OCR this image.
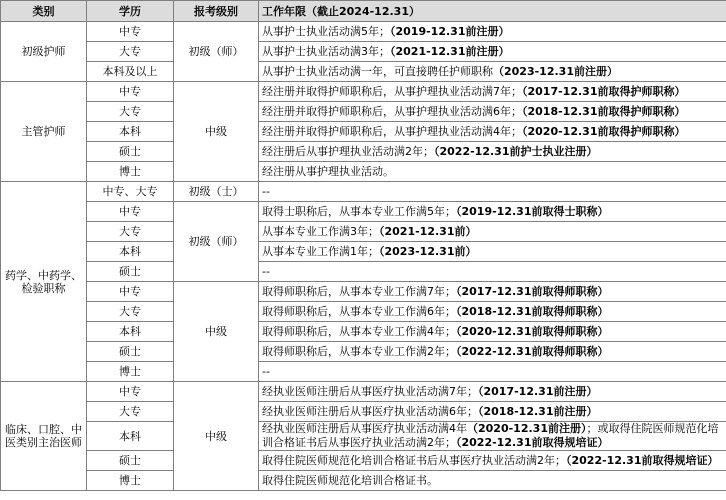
类别	学历	报考级别	工作年限（截止2024-12.31）
初级护师	中专	初级（师）	从事护士执业活动满5年；（2019-12.31前注册）
	大专		从事护士执业活动满3年；（2021-12.31前注册）
	本科及以上		从事护士执业活动满一年，可直接聘任护师职称（2023-12.31前注册）
主管护师	中专	中级	经注册并取得护师职称后，从事护理执业活动满7年；（2017-12.31前取得护师职称）
	大专		经注册并取得护师职称后，从事护理执业活动满6年；（2018-12.31前取得护师职称）
	本科		经注册并取得护师职称后，从事护理执业活动满4年；（2020-12.31前取得护师职称）
	硕士		经注册后从事护理执业活动满2年；（2022-12.31前护士执业注册）
	博士		经注册从事护理执业活动。
药学、中药学、检验职称	中专、大专	初级（士）	--
	中专	初级（师）	取得士职称后，从事本专业工作满5年；（2019-12.31前取得士职称）
	大专		从事本专业工作满3年；（2021-12.31前）
	本科		从事本专业工作满1年；（2023-12.31前）
	硕士		--
	中专	中级	取得师职称后，从事本专业工作满7年；（2017-12.31前取得师职称）
	大专		取得师职称后，从事本专业工作满6年；（2018-12.31前取得师职称）
	本科		取得师职称后，从事本专业工作满4年；（2020-12.31前取得师职称）
	硕士		取得师职称后，从事本专业工作满2年；（2022-12.31前取得师职称）
	博士		--
临床、口腔、中医类别主治医师	中专	中级	经执业医师注册后从事医疗执业活动满7年；（2017-12.31前注册）
	大专		经执业医师注册后从事医疗执业活动满6年；（2018-12.31前注册）
	本科		经执业医师注册后从事医疗执业活动满4年（2020-12.31前注册）；或取得住院医师规范化培训合格证书后从事医疗执业活动满2年；（2022-12.31前取得规培证）
	硕士		取得住院医师规范化培训合格证书后从事医疗执业活动满2年；（2022-12.31前取得规培证）
	博士		取得住院医师规范化培训合格证书。
